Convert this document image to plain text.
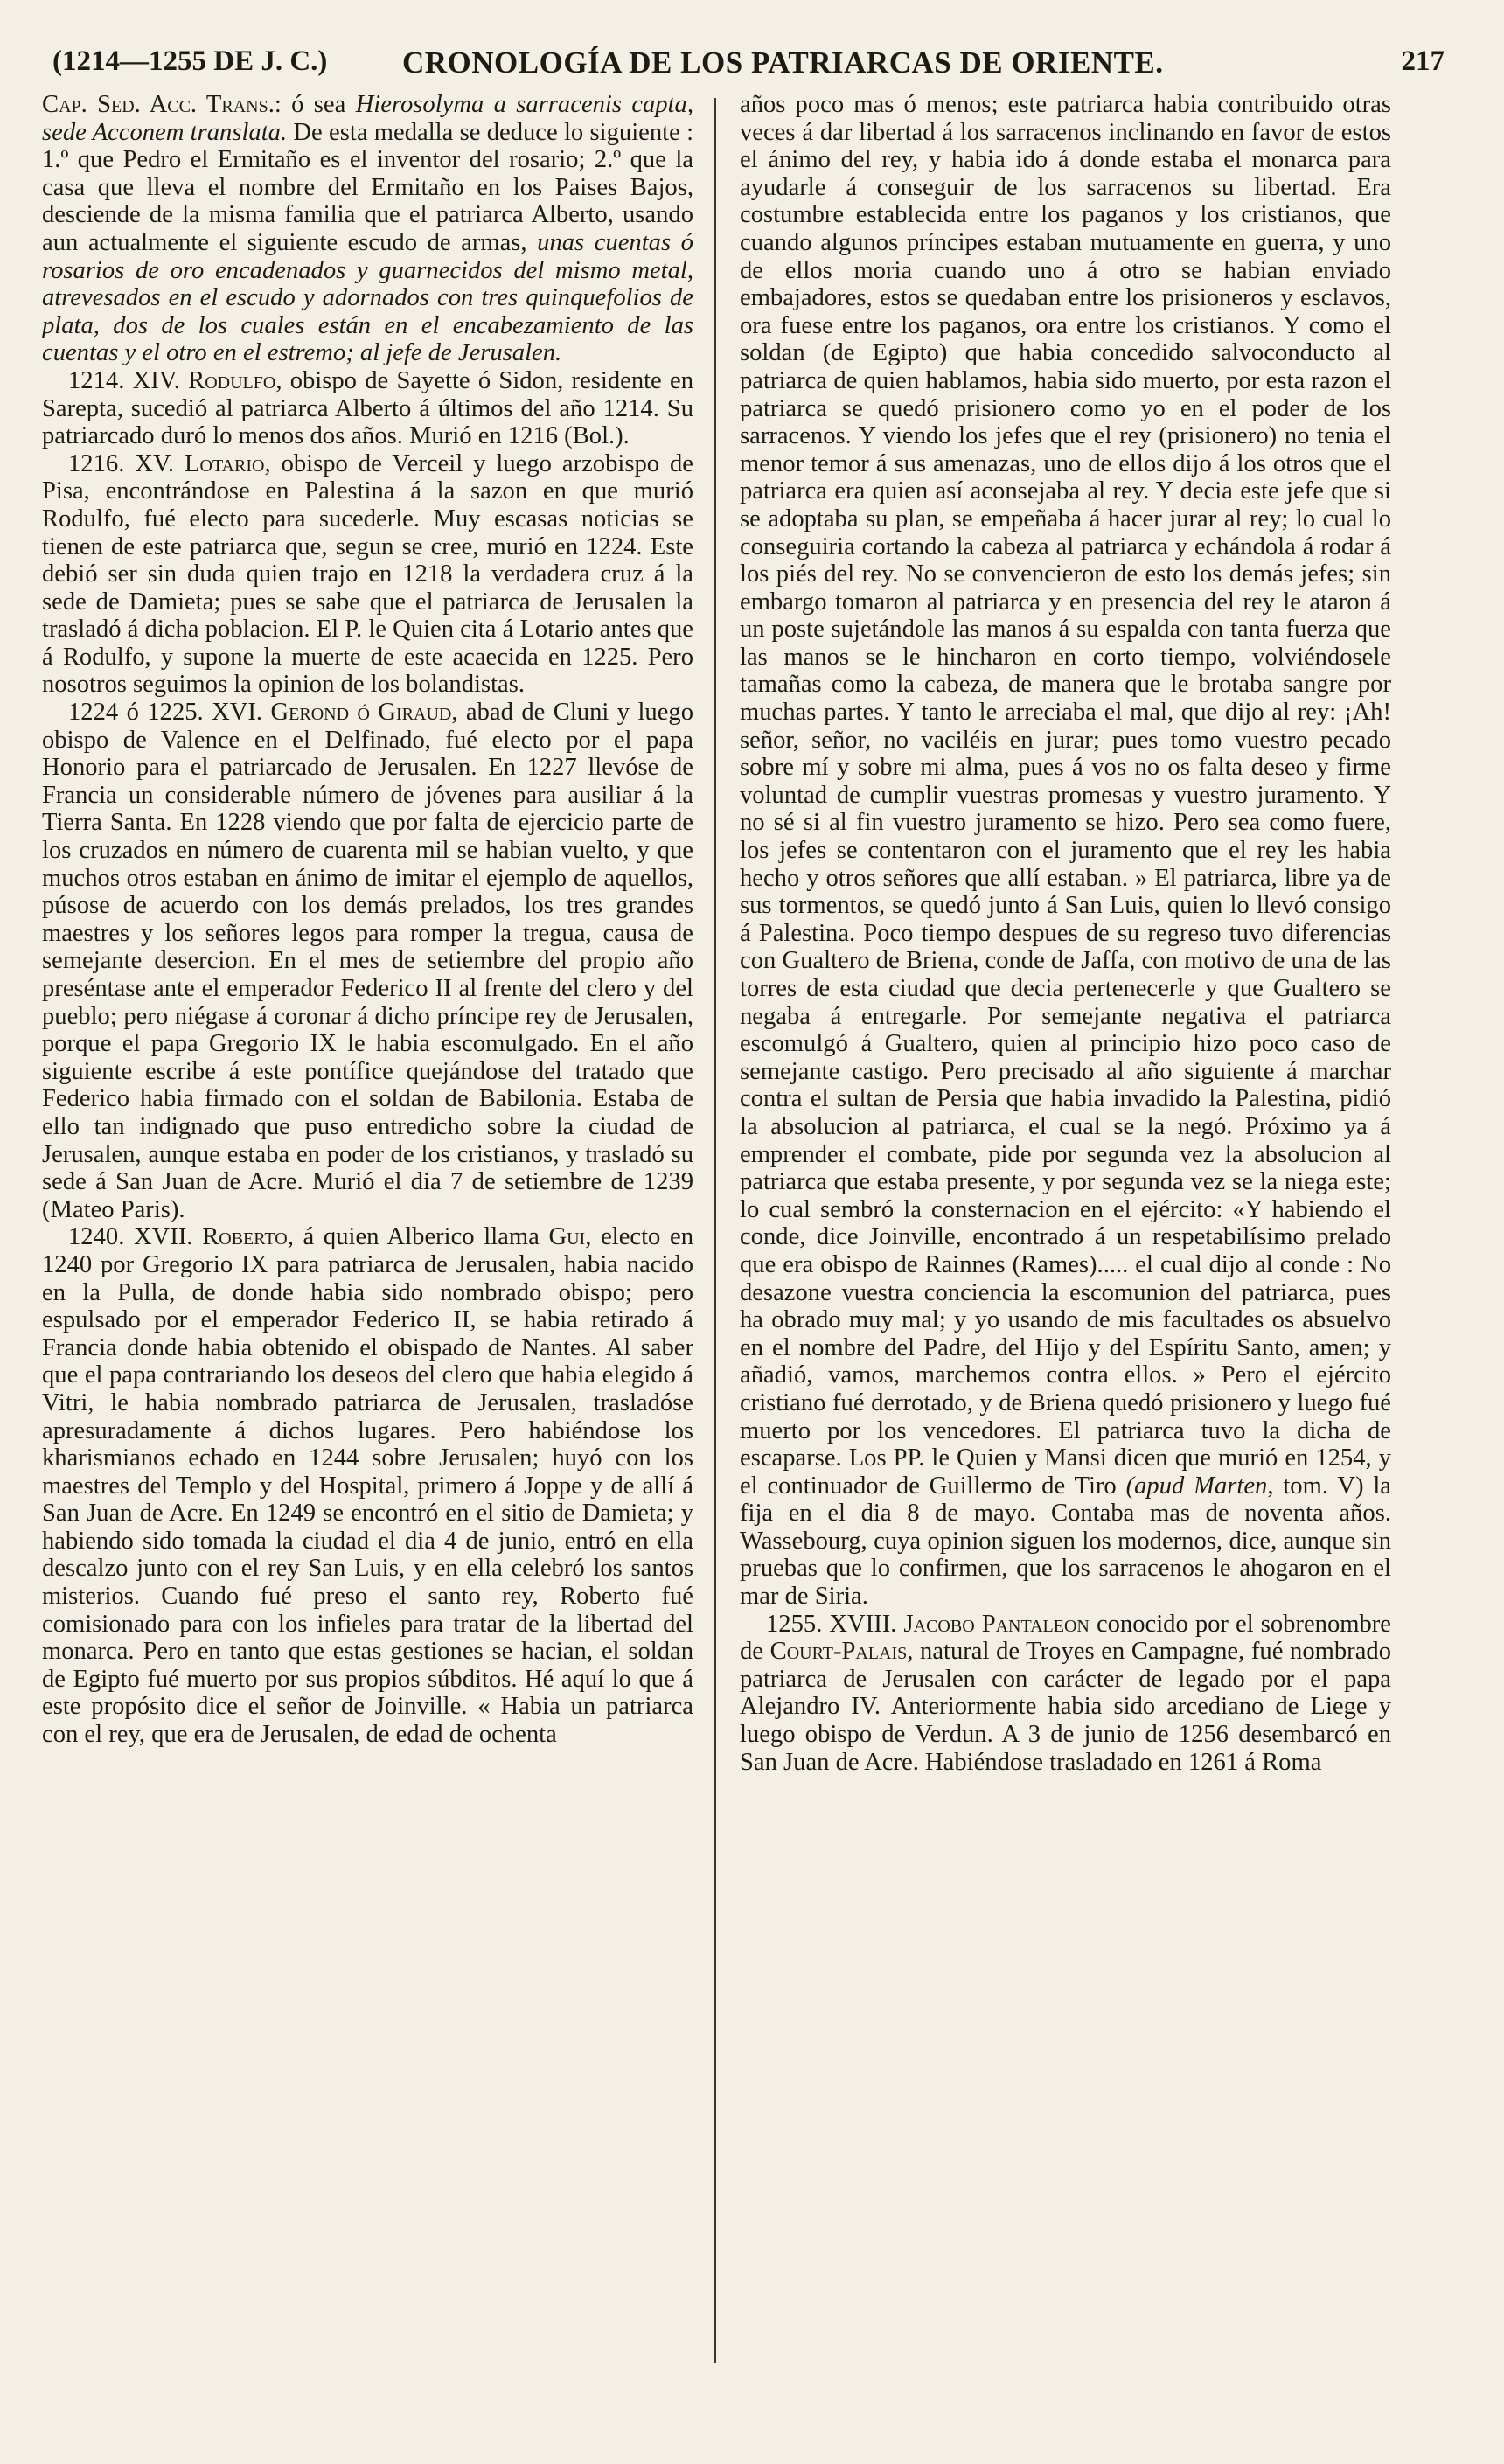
(1214—1255 DE J. C.) CRONOLOGÍA DE LOS PATRIARCAS DE ORIENTE.	217

Cap. Sed. Acc. Trans.: ó sea Hierosolyma a sarracenis capta, sede Acconem translata. De esta medalla se deduce lo siguiente : 1.º que Pedro el Ermitaño es el inventor del rosario; 2.º que la casa que lleva el nombre del Ermitaño en los Paises Bajos, desciende de la misma familia que el patriarca Alberto, usando aun actualmente el siguiente escudo de armas, unas cuentas ó rosarios de oro encadenados y guarnecidos del mismo metal, atrevesados en el escudo y adornados con tres quinquefolios de plata, dos de los cuales están en el encabezamiento de las cuentas y el otro en el estremo; al jefe de Jerusalen.

1214. XIV. Rodulfo, obispo de Sayette ó Sidon, residente en Sarepta, sucedió al patriarca Alberto á últimos del año 1214. Su patriarcado duró lo menos dos años. Murió en 1216 (Bol.).

1216. XV. Lotario, obispo de Verceil y luego arzobispo de Pisa, encontrándose en Palestina á la sazon en que murió Rodulfo, fué electo para sucederle. Muy escasas noticias se tienen de este patriarca que, segun se cree, murió en 1224. Este debió ser sin duda quien trajo en 1218 la verdadera cruz á la sede de Damieta; pues se sabe que el patriarca de Jerusalen la trasladó á dicha poblacion. El P. le Quien cita á Lotario antes que á Rodulfo, y supone la muerte de este acaecida en 1225. Pero nosotros seguimos la opinion de los bolandistas.

1224 ó 1225. XVI. Gerond ó Giraud, abad de Cluni y luego obispo de Valence en el Delfinado, fué electo por el papa Honorio para el patriarcado de Jerusalen. En 1227 llevóse de Francia un considerable número de jóvenes para ausiliar á la Tierra Santa. En 1228 viendo que por falta de ejercicio parte de los cruzados en número de cuarenta mil se habian vuelto, y que muchos otros estaban en ánimo de imitar el ejemplo de aquellos, púsose de acuerdo con los demás prelados, los tres grandes maestres y los señores legos para romper la tregua, causa de semejante desercion. En el mes de setiembre del propio año preséntase ante el emperador Federico II al frente del clero y del pueblo; pero niégase á coronar á dicho príncipe rey de Jerusalen, porque el papa Gregorio IX le habia escomulgado. En el año siguiente escribe á este pontífice quejándose del tratado que Federico habia firmado con el soldan de Babilonia. Estaba de ello tan indignado que puso entredicho sobre la ciudad de Jerusalen, aunque estaba en poder de los cristianos, y trasladó su sede á San Juan de Acre. Murió el dia 7 de setiembre de 1239 (Mateo Paris).

1240. XVII. Roberto, á quien Alberico llama Gui, electo en 1240 por Gregorio IX para patriarca de Jerusalen, habia nacido en la Pulla, de donde habia sido nombrado obispo; pero espulsado por el emperador Federico II, se habia retirado á Francia donde habia obtenido el obispado de Nantes. Al saber que el papa contrariando los deseos del clero que habia elegido á Vitri, le habia nombrado patriarca de Jerusalen, trasladóse apresuradamente á dichos lugares. Pero habiéndose los kharismianos echado en 1244 sobre Jerusalen; huyó con los maestres del Templo y del Hospital, primero á Joppe y de allí á San Juan de Acre. En 1249 se encontró en el sitio de Damieta; y habiendo sido tomada la ciudad el dia 4 de junio, entró en ella descalzo junto con el rey San Luis, y en ella celebró los santos misterios. Cuando fué preso el santo rey, Roberto fué comisionado para con los infieles para tratar de la libertad del monarca. Pero en tanto que estas gestiones se hacian, el soldan de Egipto fué muerto por sus propios súbditos. Hé aquí lo que á este propósito dice el señor de Joinville. « Habia un patriarca con el rey, que era de Jerusalen, de edad de ochenta

años poco mas ó menos; este patriarca habia contribuido otras veces á dar libertad á los sarracenos inclinando en favor de estos el ánimo del rey, y habia ido á donde estaba el monarca para ayudarle á conseguir de los sarracenos su libertad. Era costumbre establecida entre los paganos y los cristianos, que cuando algunos príncipes estaban mutuamente en guerra, y uno de ellos moria cuando uno á otro se habian enviado embajadores, estos se quedaban entre los prisioneros y esclavos, ora fuese entre los paganos, ora entre los cristianos. Y como el soldan (de Egipto) que habia concedido salvoconducto al patriarca de quien hablamos, habia sido muerto, por esta razon el patriarca se quedó prisionero como yo en el poder de los sarracenos. Y viendo los jefes que el rey (prisionero) no tenia el menor temor á sus amenazas, uno de ellos dijo á los otros que el patriarca era quien así aconsejaba al rey. Y decia este jefe que si se adoptaba su plan, se empeñaba á hacer jurar al rey; lo cual lo conseguiria cortando la cabeza al patriarca y echándola á rodar á los piés del rey. No se convencieron de esto los demás jefes; sin embargo tomaron al patriarca y en presencia del rey le ataron á un poste sujetándole las manos á su espalda con tanta fuerza que las manos se le hincharon en corto tiempo, volviéndosele tamañas como la cabeza, de manera que le brotaba sangre por muchas partes. Y tanto le arreciaba el mal, que dijo al rey: ¡Ah! señor, señor, no vaciléis en jurar; pues tomo vuestro pecado sobre mí y sobre mi alma, pues á vos no os falta deseo y firme voluntad de cumplir vuestras promesas y vuestro juramento. Y no sé si al fin vuestro juramento se hizo. Pero sea como fuere, los jefes se contentaron con el juramento que el rey les habia hecho y otros señores que allí estaban. » El patriarca, libre ya de sus tormentos, se quedó junto á San Luis, quien lo llevó consigo á Palestina. Poco tiempo despues de su regreso tuvo diferencias con Gualtero de Briena, conde de Jaffa, con motivo de una de las torres de esta ciudad que decia pertenecerle y que Gualtero se negaba á entregarle. Por semejante negativa el patriarca escomulgó á Gualtero, quien al principio hizo poco caso de semejante castigo. Pero precisado al año siguiente á marchar contra el sultan de Persia que habia invadido la Palestina, pidió la absolucion al patriarca, el cual se la negó. Próximo ya á emprender el combate, pide por segunda vez la absolucion al patriarca que estaba presente, y por segunda vez se la niega este; lo cual sembró la consternacion en el ejército: «Y habiendo el conde, dice Joinville, encontrado á un respetabilísimo prelado que era obispo de Rainnes (Rames)..... el cual dijo al conde : No desazone vuestra conciencia la escomunion del patriarca, pues ha obrado muy mal; y yo usando de mis facultades os absuelvo en el nombre del Padre, del Hijo y del Espíritu Santo, amen; y añadió, vamos, marchemos contra ellos. » Pero el ejército cristiano fué derrotado, y de Briena quedó prisionero y luego fué muerto por los vencedores. El patriarca tuvo la dicha de escaparse. Los PP. le Quien y Mansi dicen que murió en 1254, y el continuador de Guillermo de Tiro (apud Marten, tom. V) la fija en el dia 8 de mayo. Contaba mas de noventa años. Wassebourg, cuya opinion siguen los modernos, dice, aunque sin pruebas que lo confirmen, que los sarracenos le ahogaron en el mar de Siria.

1255. XVIII. Jacobo Pantaleon conocido por el sobrenombre de Court-Palais, natural de Troyes en Campagne, fué nombrado patriarca de Jerusalen con carácter de legado por el papa Alejandro IV. Anteriormente habia sido arcediano de Liege y luego obispo de Verdun. A 3 de junio de 1256 desembarcó en San Juan de Acre. Habiéndose trasladado en 1261 á Roma
